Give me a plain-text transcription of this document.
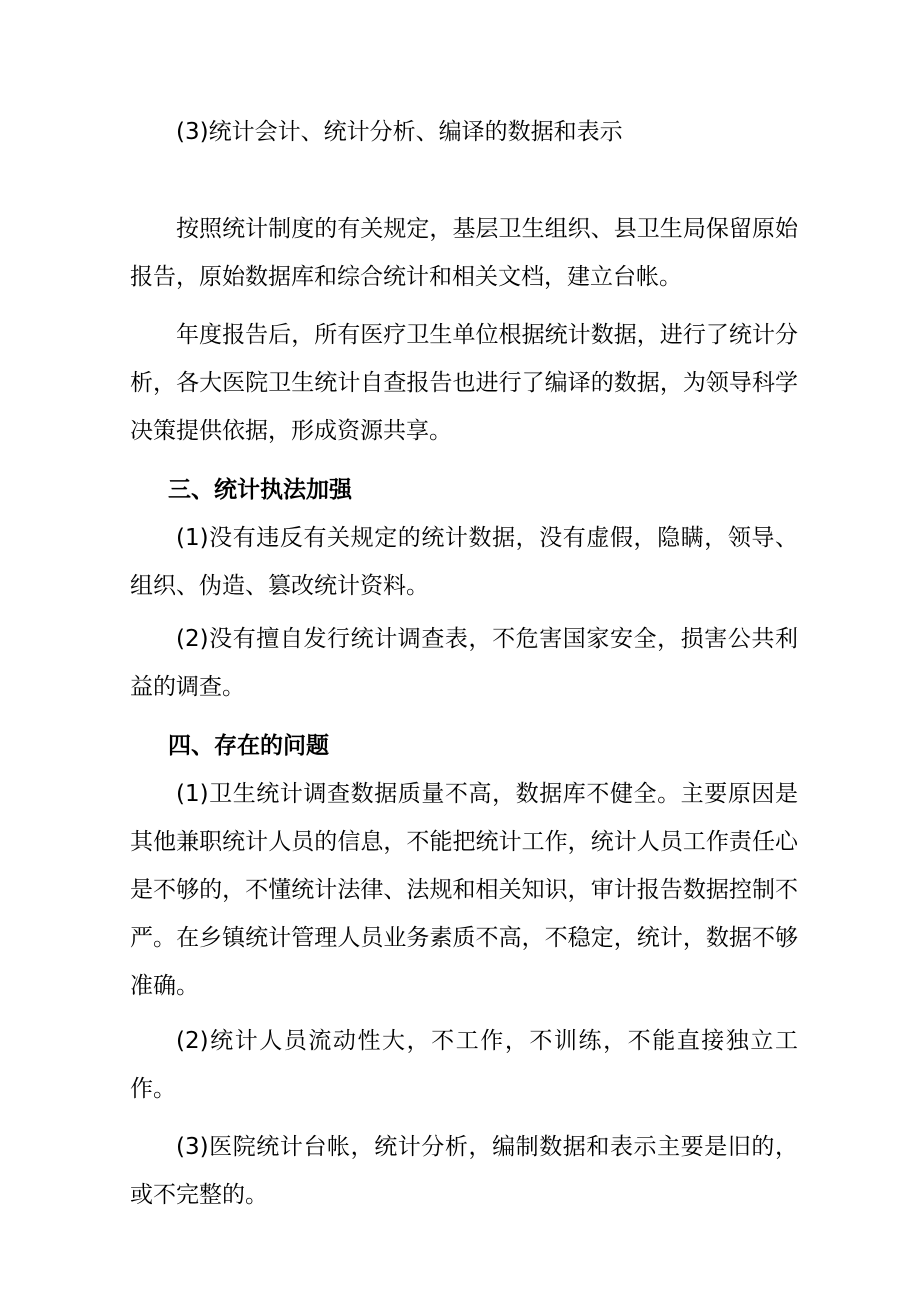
(3)统计会计、统计分析、编译的数据和表示

按照统计制度的有关规定，基层卫生组织、县卫生局保留原始报告，原始数据库和综合统计和相关文档，建立台帐。

年度报告后，所有医疗卫生单位根据统计数据，进行了统计分析，各大医院卫生统计自查报告也进行了编译的数据，为领导科学决策提供依据，形成资源共享。

三、统计执法加强

(1)没有违反有关规定的统计数据，没有虚假，隐瞒，领导、组织、伪造、篡改统计资料。

(2)没有擅自发行统计调查表，不危害国家安全，损害公共利益的调查。

四、存在的问题

(1)卫生统计调查数据质量不高，数据库不健全。主要原因是其他兼职统计人员的信息，不能把统计工作，统计人员工作责任心是不够的，不懂统计法律、法规和相关知识，审计报告数据控制不严。在乡镇统计管理人员业务素质不高，不稳定，统计，数据不够准确。

(2)统计人员流动性大，不工作，不训练，不能直接独立工作。

(3)医院统计台帐，统计分析，编制数据和表示主要是旧的，或不完整的。
